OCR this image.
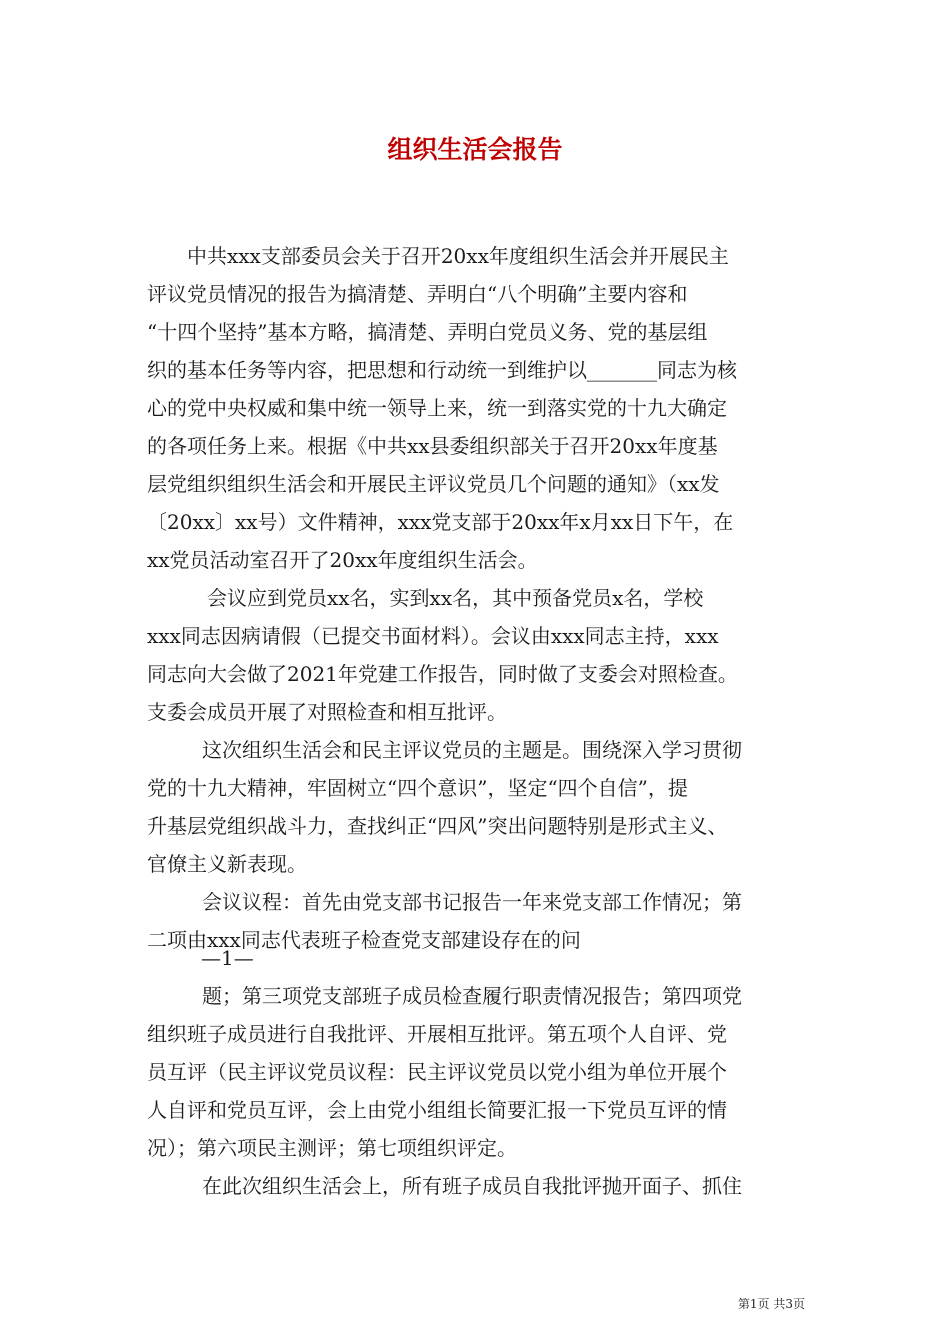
组织生活会报告
中共xxx支部委员会关于召开20xx年度组织生活会并开展民主
评议党员情况的报告为搞清楚、弄明白“八个明确”主要内容和
“十四个坚持”基本方略，搞清楚、弄明白党员义务、党的基层组
织的基本任务等内容，把思想和行动统一到维护以_______同志为核
心的党中央权威和集中统一领导上来，统一到落实党的十九大确定
的各项任务上来。根据《中共xx县委组织部关于召开20xx年度基
层党组织组织生活会和开展民主评议党员几个问题的通知》（xx发
〔20xx〕xx号）文件精神，xxx党支部于20xx年x月xx日下午，在
xx党员活动室召开了20xx年度组织生活会。
会议应到党员xx名，实到xx名，其中预备党员x名，学校
xxx同志因病请假（已提交书面材料）。会议由xxx同志主持，xxx
同志向大会做了2021年党建工作报告，同时做了支委会对照检查。
支委会成员开展了对照检查和相互批评。
这次组织生活会和民主评议党员的主题是。围绕深入学习贯彻
党的十九大精神，牢固树立“四个意识”，坚定“四个自信”，提
升基层党组织战斗力，查找纠正“四风”突出问题特别是形式主义、
官僚主义新表现。
会议议程：首先由党支部书记报告一年来党支部工作情况；第
二项由xxx同志代表班子检查党支部建设存在的问
—1—
题；第三项党支部班子成员检查履行职责情况报告；第四项党
组织班子成员进行自我批评、开展相互批评。第五项个人自评、党
员互评（民主评议党员议程：民主评议党员以党小组为单位开展个
人自评和党员互评，会上由党小组组长简要汇报一下党员互评的情
况）；第六项民主测评；第七项组织评定。
在此次组织生活会上，所有班子成员自我批评抛开面子、抓住
第1页 共3页
